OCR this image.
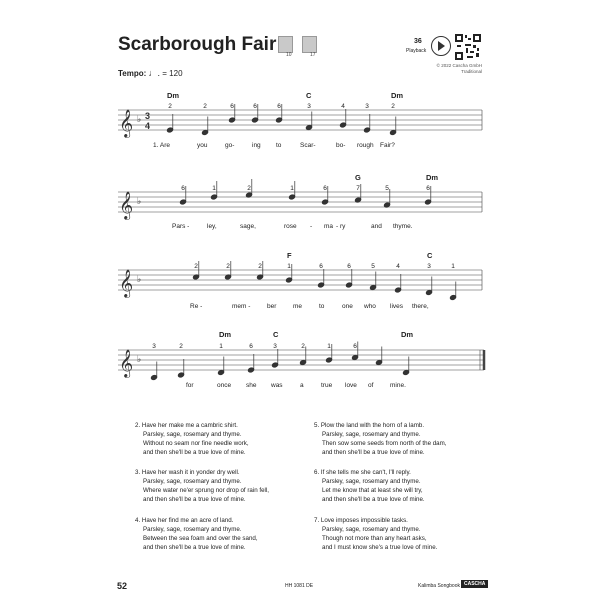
Scarborough Fair 10	17
36
Playback
© 2022 Cascha GmbH
Traditional
Tempo: ♩. = 120
𝄞
𝄞
𝄞
𝄞
♭
♭
♭
♭
3
4
Dm	C	Dm
2	2	6	6	6	3	4	3	2
1. Are	you	go-	ing to	Scar-	bo- rough Fair?
G	Dm
6	1	2	1	6	7	5	6
Pars -	ley,	sage,	rose - ma - ry	and thyme.
F	C
2	2	2	1	6	6	5	4	3	1
Re -	mem -	ber	me	to	one who lives there,
Dm	C	Dm
3	2	1	6	3	2	1	6
for	once she was	a	true love of	mine.
2. Have her make me a cambric shirt.
Parsley, sage, rosemary and thyme.
Without no seam nor fine needle work,
and then she'll be a true love of mine.
3. Have her wash it in yonder dry well.
Parsley, sage, rosemary and thyme.
Where water ne'er sprung nor drop of rain fell,
and then she'll be a true love of mine.
4. Have her find me an acre of land.
Parsley, sage, rosemary and thyme.
Between the sea foam and over the sand,
and then she'll be a true love of mine.
5. Plow the land with the horn of a lamb.
Parsley, sage, rosemary and thyme.
Then sow some seeds from north of the dam,
and then she'll be a true love of mine.
6. If she tells me she can't, I'll reply.
Parsley, sage, rosemary and thyme.
Let me know that at least she will try,
and then she'll be a true love of mine.
7. Love imposes impossible tasks.
Parsley, sage, rosemary and thyme.
Though not more than any heart asks,
and I must know she's a true love of mine.
52	HH 1081 DE	Kalimba Songbook CASCHA
